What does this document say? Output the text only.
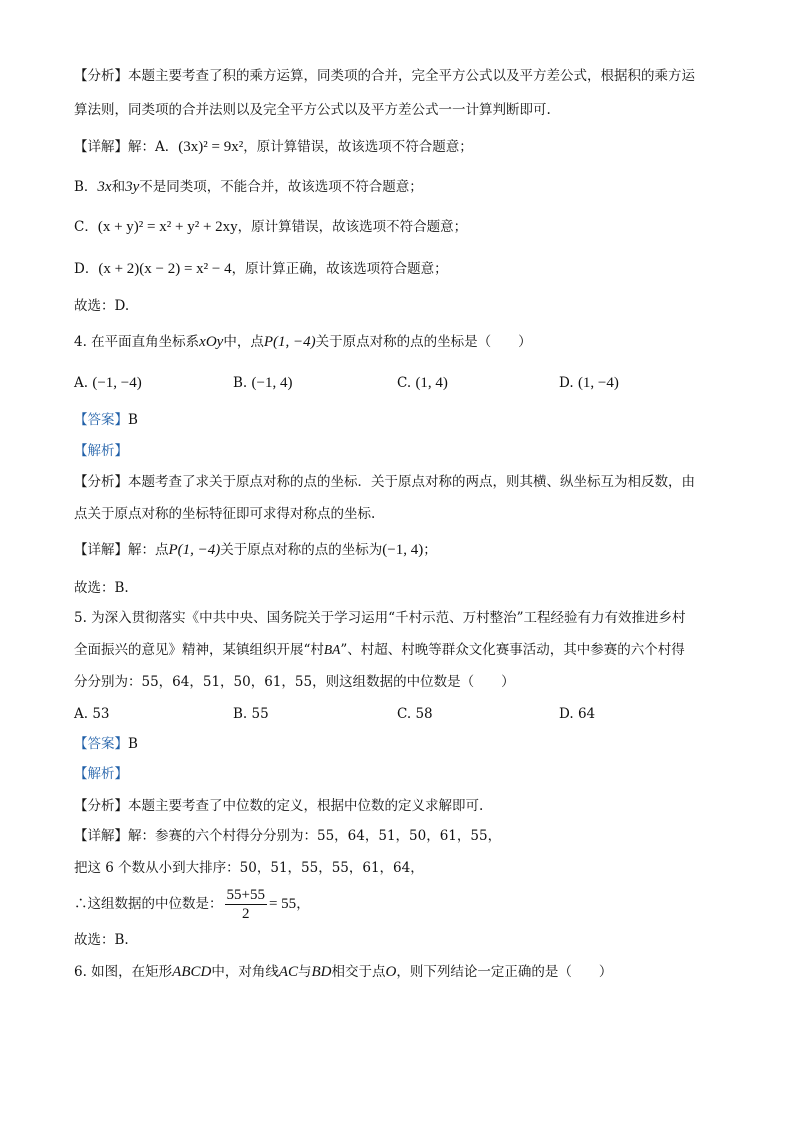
【分析】本题主要考查了积的乘方运算，同类项的合并，完全平方公式以及平方差公式，根据积的乘方运
算法则，同类项的合并法则以及完全平方公式以及平方差公式一一计算判断即可.
【详解】解：A．(3x)² = 9x²，原计算错误，故该选项不符合题意；
B．3x和3y不是同类项，不能合并，故该选项不符合题意；
C．(x + y)² = x² + y² + 2xy，原计算错误，故该选项不符合题意；
D．(x + 2)(x − 2) = x² − 4，原计算正确，故该选项符合题意；
故选：D.
4. 在平面直角坐标系xOy中，点P(1, −4)关于原点对称的点的坐标是（　　）
A. (−1, −4)	B. (−1, 4)	C. (1, 4)	D. (1, −4)
【答案】B
【解析】
【分析】本题考查了求关于原点对称的点的坐标．关于原点对称的两点，则其横、纵坐标互为相反数，由
点关于原点对称的坐标特征即可求得对称点的坐标.
【详解】解：点P(1, −4)关于原点对称的点的坐标为(−1, 4)；
故选：B.
5. 为深入贯彻落实《中共中央、国务院关于学习运用“千村示范、万村整治”工程经验有力有效推进乡村
全面振兴的意见》精神，某镇组织开展“村BA”、村超、村晚等群众文化赛事活动，其中参赛的六个村得
分分别为：55，64，51，50，61，55，则这组数据的中位数是（　　）
A. 53	B. 55	C. 58	D. 64
【答案】B
【解析】
【分析】本题主要考查了中位数的定义，根据中位数的定义求解即可.
【详解】解：参赛的六个村得分分别为：55，64，51，50，61，55，
把这 6 个数从小到大排序：50，51，55，55，61，64，
∴这组数据的中位数是： $\frac{55+55}{2} = 55$，
故选：B.
6. 如图，在矩形ABCD中，对角线AC与BD相交于点O，则下列结论一定正确的是（　　）
